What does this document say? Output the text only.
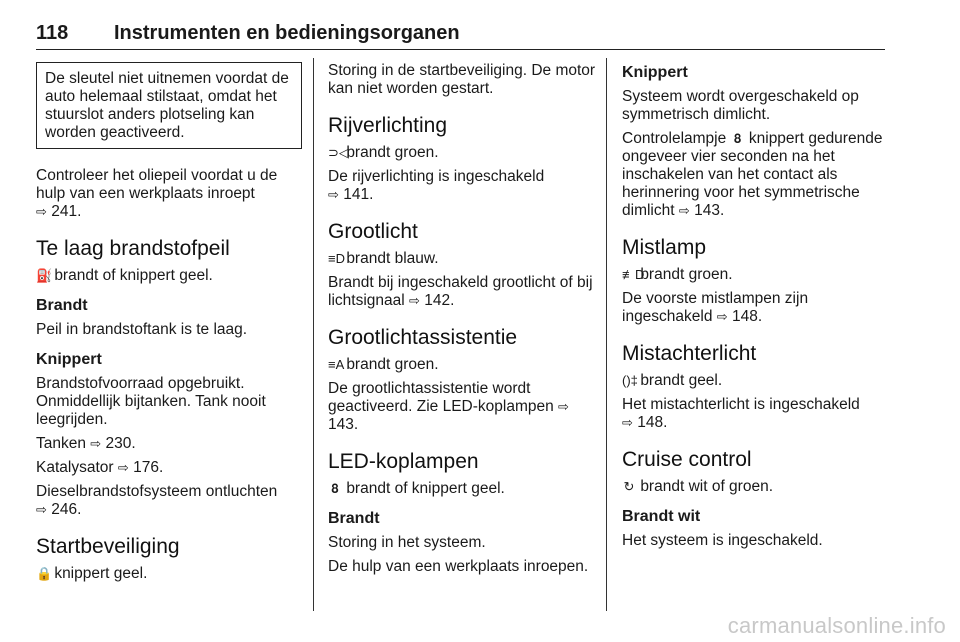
118 Instrumenten en bedieningsorganen
De sleutel niet uitnemen voordat de auto helemaal stilstaat, omdat het stuurslot anders plotseling kan worden geactiveerd.

Controleer het oliepeil voordat u de hulp van een werkplaats inroept
⇨ 241.

Te laag brandstofpeil

⛽ brandt of knippert geel.

Brandt

Peil in brandstoftank is te laag.

Knippert

Brandstofvoorraad opgebruikt. Onmiddellijk bijtanken. Tank nooit leegrijden.

Tanken ⇨ 230.

Katalysator ⇨ 176.

Dieselbrandstofsysteem ontluchten
⇨ 246.

Startbeveiliging

🔒 knippert geel.

Storing in de startbeveiliging. De motor kan niet worden gestart.

Rijverlichting

⊃◁ brandt groen.

De rijverlichting is ingeschakeld
⇨ 141.

Grootlicht

≡D brandt blauw.

Brandt bij ingeschakeld grootlicht of bij lichtsignaal ⇨ 142.

Grootlichtassistentie

≡A brandt groen.

De grootlichtassistentie wordt geactiveerd. Zie LED-koplampen ⇨ 143.

LED-koplampen

𝟖 brandt of knippert geel.

Brandt

Storing in het systeem.

De hulp van een werkplaats inroepen.

Knippert

Systeem wordt overgeschakeld op symmetrisch dimlicht.

Controlelampje 𝟖 knippert gedurende ongeveer vier seconden na het inschakelen van het contact als herinnering voor het symmetrische dimlicht ⇨ 143.

Mistlamp

≢D brandt groen.

De voorste mistlampen zijn ingeschakeld ⇨ 148.

Mistachterlicht

()‡ brandt geel.

Het mistachterlicht is ingeschakeld
⇨ 148.

Cruise control

↻ brandt wit of groen.

Brandt wit

Het systeem is ingeschakeld.

carmanualsonline.info
